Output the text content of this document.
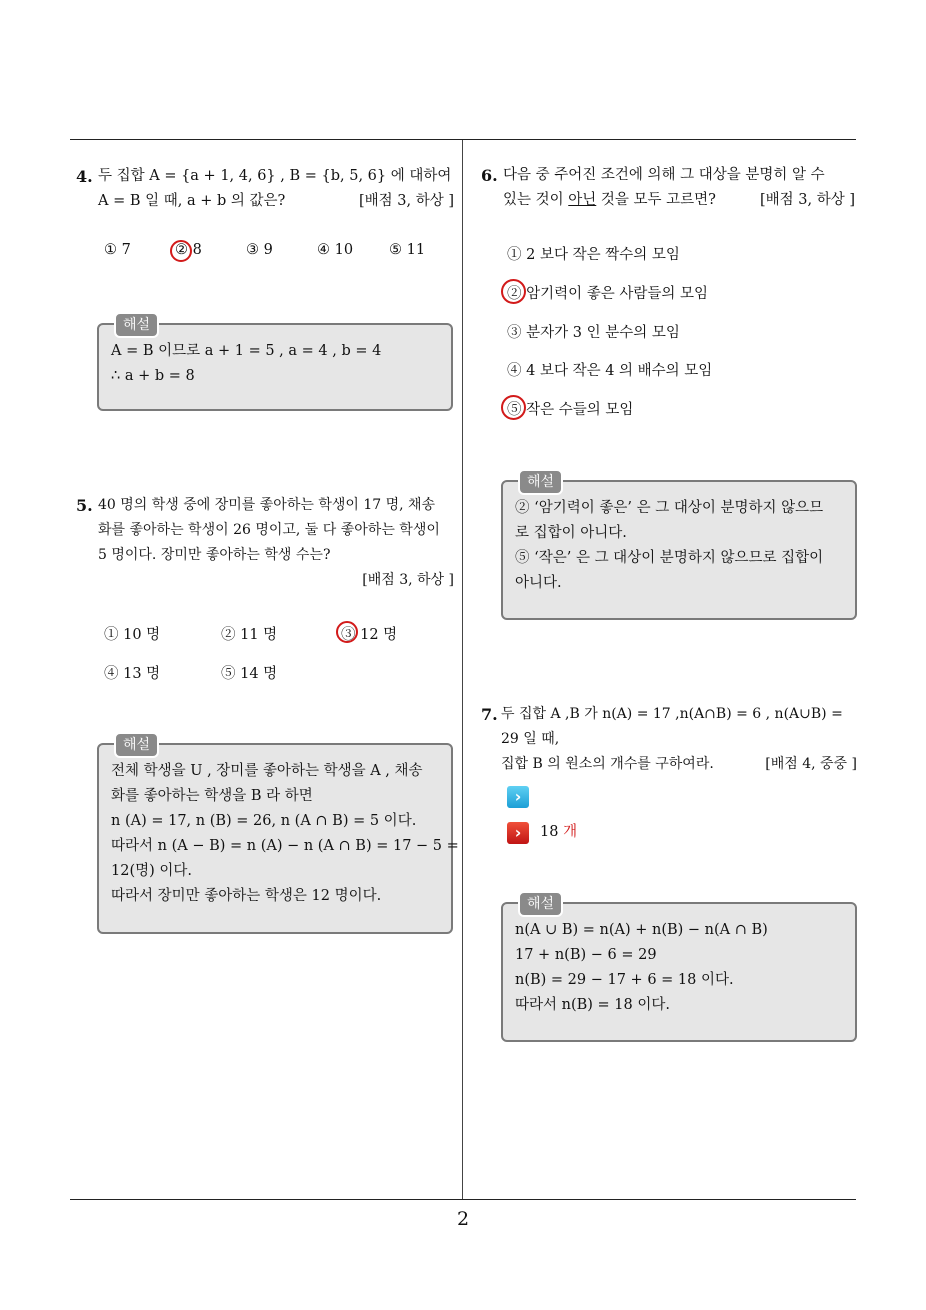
4. 두 집합 A = {a + 1, 4, 6} , B = {b, 5, 6} 에 대하여
A = B 일 때, a + b 의 값은?	[배점 3, 하상 ]
① 7	② 8	③ 9	④ 10 ⑤ 11
해설
A = B 이므로 a + 1 = 5 , a = 4 , b = 4
∴ a + b = 8
5. 40 명의 학생 중에 장미를 좋아하는 학생이 17 명, 채송
화를 좋아하는 학생이 26 명이고, 둘 다 좋아하는 학생이
5 명이다. 장미만 좋아하는 학생 수는?
[배점 3, 하상 ]
① 10 명	② 11 명	③ 12 명
④ 13 명	⑤ 14 명
해설
전체 학생을 U , 장미를 좋아하는 학생을 A , 채송
화를 좋아하는 학생을 B 라 하면
n (A) = 17, n (B) = 26, n (A ∩ B) = 5 이다.
따라서 n (A − B) = n (A) − n (A ∩ B) = 17 − 5 =
12(명) 이다.
따라서 장미만 좋아하는 학생은 12 명이다.
6. 다음 중 주어진 조건에 의해 그 대상을 분명히 알 수
있는 것이 아닌 것을 모두 고르면?	[배점 3, 하상 ]
① 2 보다 작은 짝수의 모임
② 암기력이 좋은 사람들의 모임
③ 분자가 3 인 분수의 모임
④ 4 보다 작은 4 의 배수의 모임
⑤ 작은 수들의 모임
해설
② ‘암기력이 좋은’ 은 그 대상이 분명하지 않으므
로 집합이 아니다.
⑤ ‘작은’ 은 그 대상이 분명하지 않으므로 집합이
아니다.
7. 두 집합 A ,B 가 n(A) = 17 ,n(A∩B) = 6 , n(A∪B) =
29 일 때,
집합 B 의 원소의 개수를 구하여라.	[배점 4, 중중 ]
›
›	18 개
해설
n(A ∪ B) = n(A) + n(B) − n(A ∩ B)
17 + n(B) − 6 = 29
n(B) = 29 − 17 + 6 = 18 이다.
따라서 n(B) = 18 이다.
2
